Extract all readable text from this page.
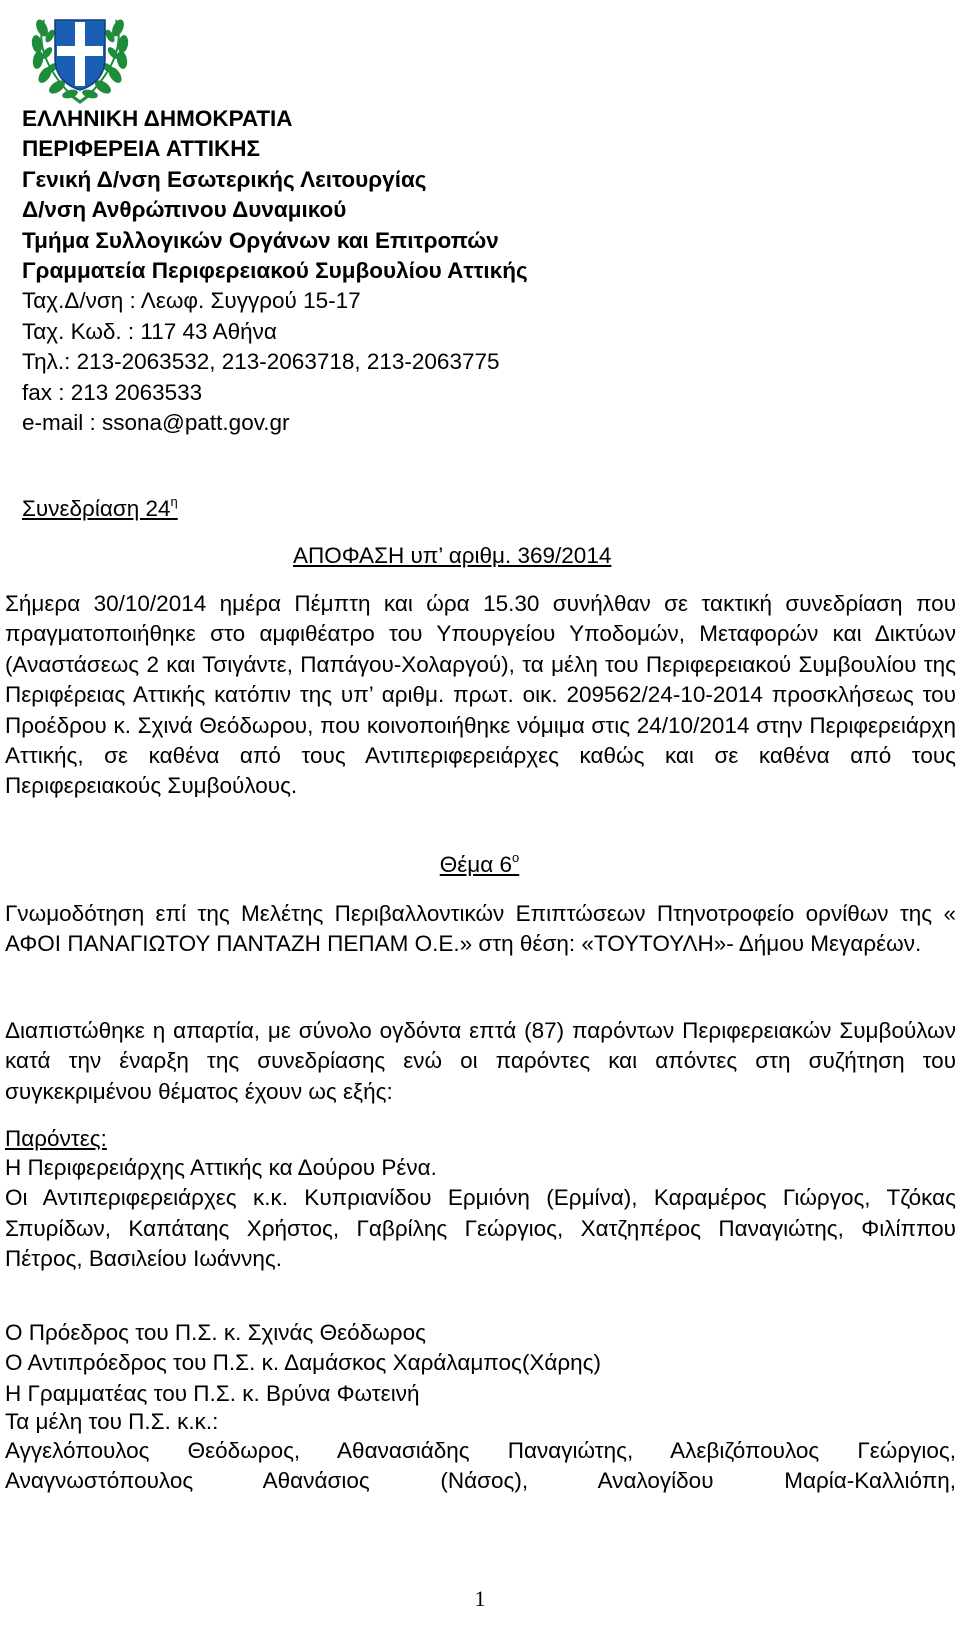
ΕΛΛΗΝΙΚΗ ΔΗΜΟΚΡΑΤΙΑ
ΠΕΡΙΦΕΡΕΙΑ ΑΤΤΙΚΗΣ
Γενική Δ/νση Εσωτερικής Λειτουργίας
Δ/νση Ανθρώπινου Δυναμικού
Τμήμα Συλλογικών Οργάνων και Επιτροπών
Γραμματεία Περιφερειακού Συμβουλίου Αττικής
Ταχ.Δ/νση : Λεωφ. Συγγρού 15-17
Ταχ. Κωδ. : 117 43 Αθήνα
Τηλ.: 213-2063532, 213-2063718, 213-2063775
fax : 213 2063533
e-mail : ssona@patt.gov.gr
Συνεδρίαση $24^\eta$
ΑΠΟΦΑΣΗ υπ’ αριθμ. 369/2014
Σήμερα 30/10/2014 ημέρα Πέμπτη και ώρα 15.30 συνήλθαν σε τακτική συνεδρίαση που πραγματοποιήθηκε στο αμφιθέατρο του Υπουργείου Υποδομών, Μεταφορών και Δικτύων (Αναστάσεως 2 και Τσιγάντε, Παπάγου-Χολαργού), τα μέλη του Περιφερειακού Συμβουλίου της Περιφέρειας Αττικής κατόπιν της υπ’ αριθμ. πρωτ. οικ. 209562/24-10-2014 προσκλήσεως του Προέδρου κ. Σχινά Θεόδωρου, που κοινοποιήθηκε νόμιμα στις 24/10/2014 στην Περιφερειάρχη Αττικής, σε καθένα από τους Αντιπεριφερειάρχες καθώς και σε καθένα από τους Περιφερειακούς Συμβούλους.
Θέμα $6^o$
Γνωμοδότηση επί της Μελέτης Περιβαλλοντικών Επιπτώσεων Πτηνοτροφείο ορνίθων της « ΑΦΟΙ ΠΑΝΑΓΙΩΤΟΥ ΠΑΝΤΑΖΗ ΠΕΠΑΜ Ο.Ε.» στη θέση: «ΤΟΥΤΟΥΛΗ»- Δήμου Μεγαρέων.
Διαπιστώθηκε η απαρτία, με σύνολο ογδόντα επτά (87) παρόντων Περιφερειακών Συμβούλων κατά την έναρξη της συνεδρίασης ενώ οι παρόντες και απόντες στη συζήτηση του συγκεκριμένου θέματος έχουν ως εξής:
Παρόντες:
Η Περιφερειάρχης Αττικής κα Δούρου Ρένα.
Οι Αντιπεριφερειάρχες κ.κ. Κυπριανίδου Ερμιόνη (Ερμίνα), Καραμέρος Γιώργος, Τζόκας Σπυρίδων, Καπάταης Χρήστος, Γαβρίλης Γεώργιος, Χατζηπέρος Παναγιώτης, Φιλίππου Πέτρος, Βασιλείου Ιωάννης.
Ο Πρόεδρος του Π.Σ. κ. Σχινάς Θεόδωρος
Ο Αντιπρόεδρος του Π.Σ. κ. Δαμάσκος Χαράλαμπος(Χάρης)
Η Γραμματέας του Π.Σ. κ. Βρύνα Φωτεινή
Τα μέλη του Π.Σ. κ.κ.:
Αγγελόπουλος Θεόδωρος, Αθανασιάδης Παναγιώτης, Αλεβιζόπουλος Γεώργιος,
Αναγνωστόπουλος Αθανάσιος (Νάσος), Αναλογίδου Μαρία-Καλλιόπη,
1
